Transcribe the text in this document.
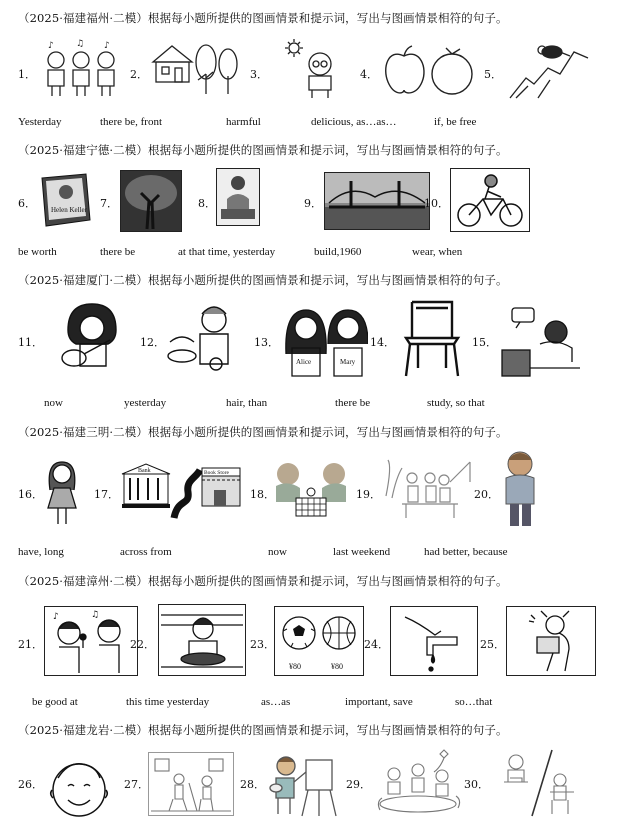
（2025·福建福州·二模）根据每小题所提供的图画情景和提示词，写出与图画情景相符的句子。
1．
♪ ♫ ♪
2．	3．	4．	5．
Yesterday	there be, front	harmful	delicious, as…as…	if, be free
（2025·福建宁德·二模）根据每小题所提供的图画情景和提示词，写出与图画情景相符的句子。
6． Helen Keller 7．	8．	9．	10．
be worth	there be	at that time, yesterday	build,1960	wear, when
（2025·福建厦门·二模）根据每小题所提供的图画情景和提示词，写出与图画情景相符的句子。
11．	12．	13．
Alice	Mary
14．	15．
now	yesterday	hair, than	there be	study, so that
（2025·福建三明·二模）根据每小题所提供的图画情景和提示词，写出与图画情景相符的句子。
16．	17．
Bank	Book Store
18．	19．	20．
have, long	across from	now	last weekend	had better, because
（2025·福建漳州·二模）根据每小题所提供的图画情景和提示词，写出与图画情景相符的句子。
21．
♪	♫
22．	23．
¥80	¥80
24．	25．
be good at	this time yesterday	as…as	important, save	so…that
（2025·福建龙岩·二模）根据每小题所提供的图画情景和提示词，写出与图画情景相符的句子。
26．	27．	28．	29．	30．
